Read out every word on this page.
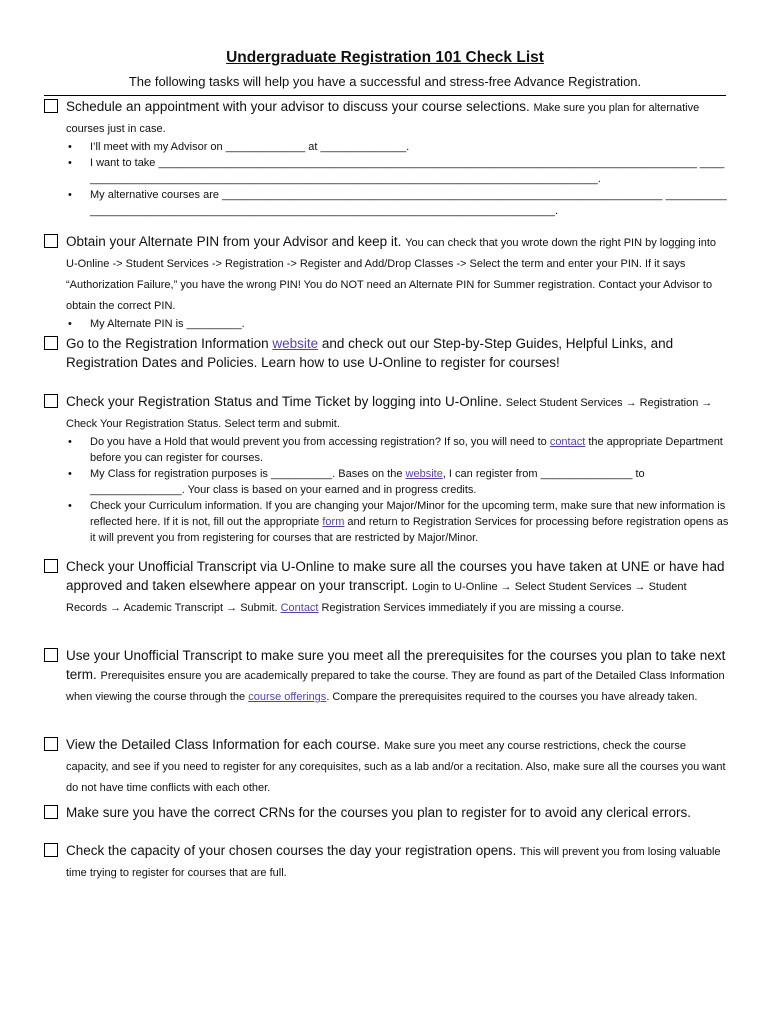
Undergraduate Registration 101 Check List
The following tasks will help you have a successful and stress-free Advance Registration.
Schedule an appointment with your advisor to discuss your course selections. Make sure you plan for alternative courses just in case.
• I’ll meet with my Advisor on _____________ at ______________.
• I want to take ________________________________________________________________________________________ _______________________________________________________________________________________.
• My alternative courses are ________________________________________________________________________ ______________________________________________________________________________________.
Obtain your Alternate PIN from your Advisor and keep it. You can check that you wrote down the right PIN by logging into U-Online -> Student Services -> Registration -> Register and Add/Drop Classes -> Select the term and enter your PIN. If it says “Authorization Failure,” you have the wrong PIN! You do NOT need an Alternate PIN for Summer registration. Contact your Advisor to obtain the correct PIN.
• My Alternate PIN is _________.
Go to the Registration Information website and check out our Step-by-Step Guides, Helpful Links, and Registration Dates and Policies. Learn how to use U-Online to register for courses!
Check your Registration Status and Time Ticket by logging into U-Online. Select Student Services → Registration → Check Your Registration Status. Select term and submit.
• Do you have a Hold that would prevent you from accessing registration? If so, you will need to contact the appropriate Department before you can register for courses.
• My Class for registration purposes is __________. Bases on the website, I can register from _______________ to _______________. Your class is based on your earned and in progress credits.
• Check your Curriculum information. If you are changing your Major/Minor for the upcoming term, make sure that new information is reflected here. If it is not, fill out the appropriate form and return to Registration Services for processing before registration opens as it will prevent you from registering for courses that are restricted by Major/Minor.
Check your Unofficial Transcript via U-Online to make sure all the courses you have taken at UNE or have had approved and taken elsewhere appear on your transcript. Login to U-Online → Select Student Services → Student Records → Academic Transcript → Submit. Contact Registration Services immediately if you are missing a course.
Use your Unofficial Transcript to make sure you meet all the prerequisites for the courses you plan to take next term. Prerequisites ensure you are academically prepared to take the course. They are found as part of the Detailed Class Information when viewing the course through the course offerings. Compare the prerequisites required to the courses you have already taken.
View the Detailed Class Information for each course. Make sure you meet any course restrictions, check the course capacity, and see if you need to register for any corequisites, such as a lab and/or a recitation. Also, make sure all the courses you want do not have time conflicts with each other.
Make sure you have the correct CRNs for the courses you plan to register for to avoid any clerical errors.
Check the capacity of your chosen courses the day your registration opens. This will prevent you from losing valuable time trying to register for courses that are full.
